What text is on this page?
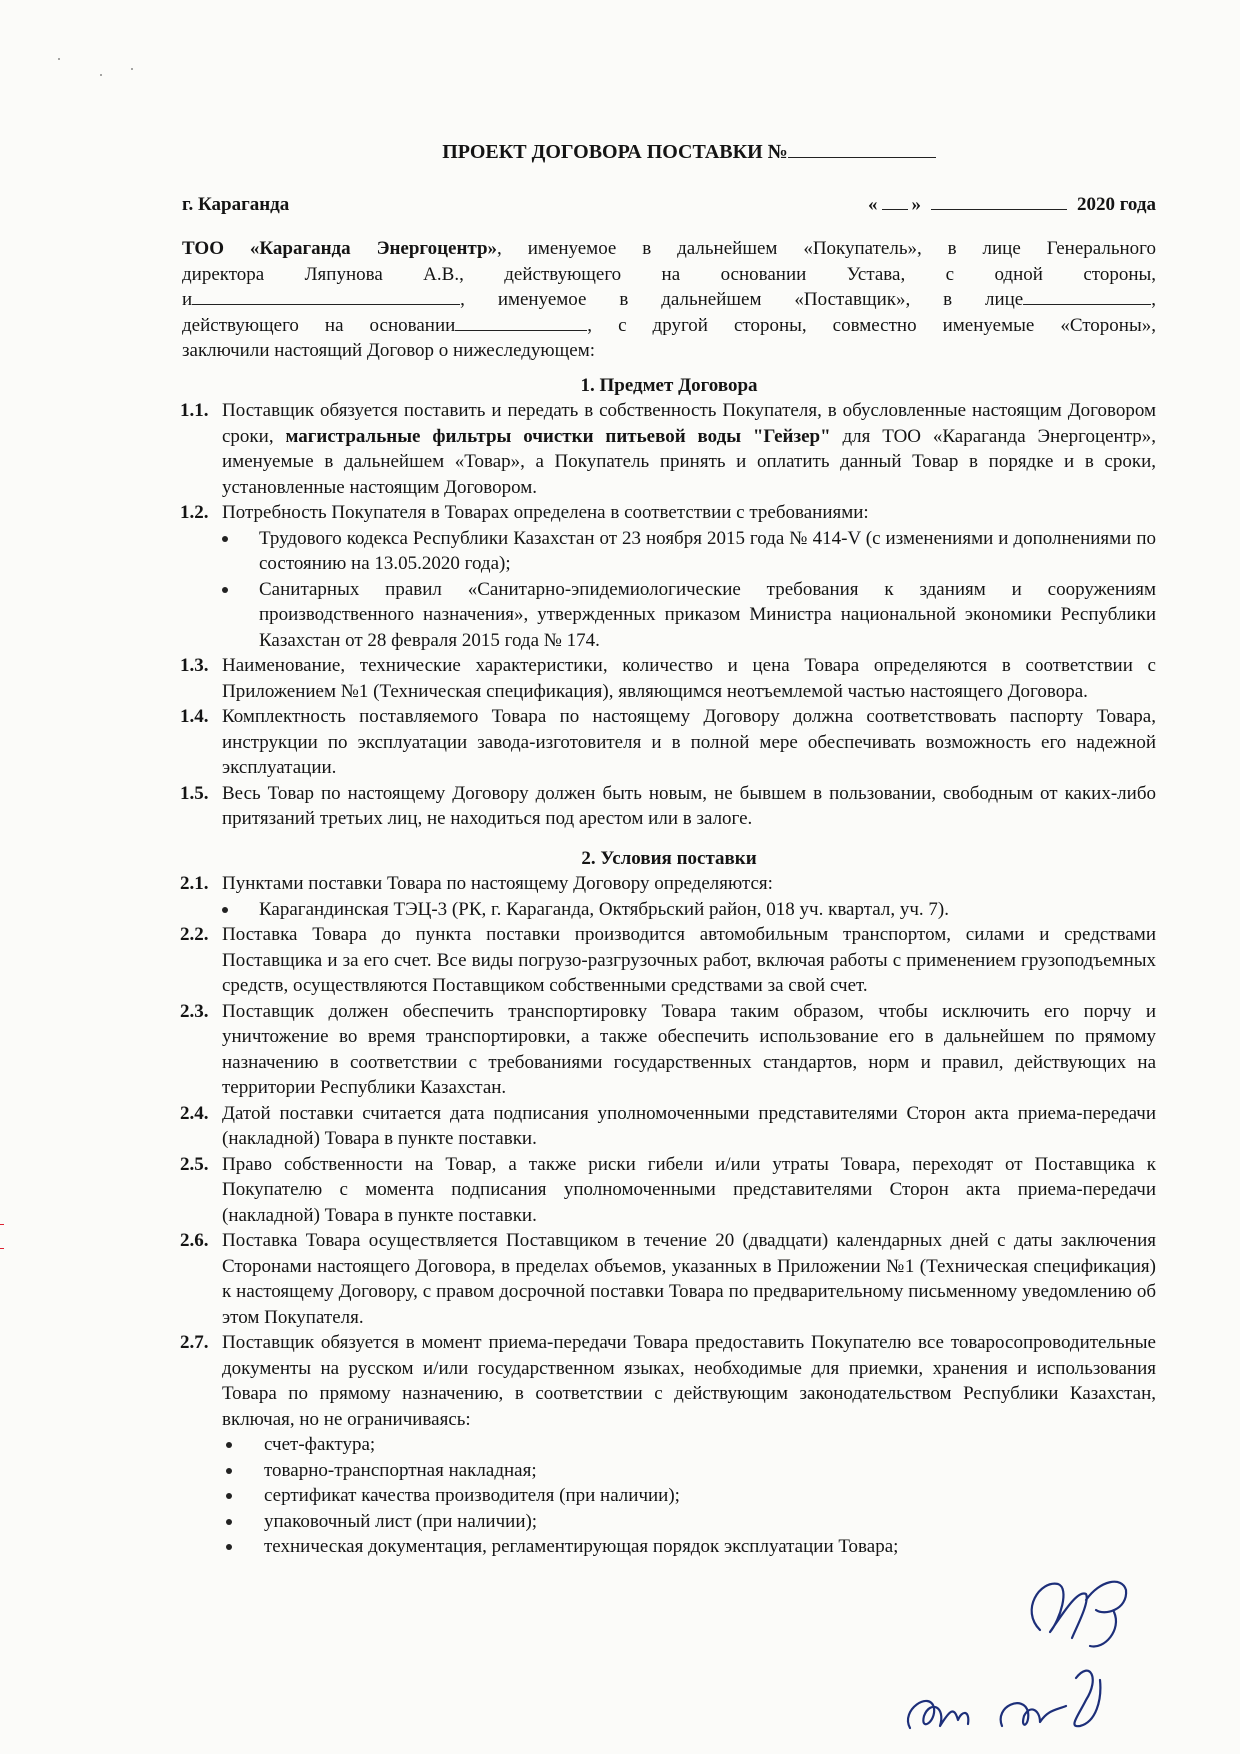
ПРОЕКТ ДОГОВОРА ПОСТАВКИ №
г. Караганда	« »	2020 года
ТОО «Караганда Энергоцентр», именуемое в дальнейшем «Покупатель», в лице Генерального
директора Ляпунова А.В., действующего на основании Устава, с одной стороны,
и	, именуемое в дальнейшем «Поставщик», в лице	,
действующего на основании	, с другой стороны, совместно именуемые «Стороны»,
заключили настоящий Договор о нижеследующем:
1. Предмет Договора
1.1. Поставщик обязуется поставить и передать в собственность Покупателя, в обусловленные настоящим Договором сроки, магистральные фильтры очистки питьевой воды "Гейзер" для ТОО «Караганда Энергоцентр», именуемые в дальнейшем «Товар», а Покупатель принять и оплатить данный Товар в порядке и в сроки, установленные настоящим Договором.
1.2. Потребность Покупателя в Товарах определена в соответствии с требованиями:
Трудового кодекса Республики Казахстан от 23 ноября 2015 года № 414-V (с изменениями и дополнениями по состоянию на 13.05.2020 года);
Санитарных правил «Санитарно-эпидемиологические требования к зданиям и сооружениям производственного назначения», утвержденных приказом Министра национальной экономики Республики Казахстан от 28 февраля 2015 года № 174.
1.3. Наименование, технические характеристики, количество и цена Товара определяются в соответствии с Приложением №1 (Техническая спецификация), являющимся неотъемлемой частью настоящего Договора.
1.4. Комплектность поставляемого Товара по настоящему Договору должна соответствовать паспорту Товара, инструкции по эксплуатации завода-изготовителя и в полной мере обеспечивать возможность его надежной эксплуатации.
1.5. Весь Товар по настоящему Договору должен быть новым, не бывшем в пользовании, свободным от каких-либо притязаний третьих лиц, не находиться под арестом или в залоге.
2. Условия поставки
2.1. Пунктами поставки Товара по настоящему Договору определяются:
Карагандинская ТЭЦ-3 (РК, г. Караганда, Октябрьский район, 018 уч. квартал, уч. 7).
2.2. Поставка Товара до пункта поставки производится автомобильным транспортом, силами и средствами Поставщика и за его счет. Все виды погрузо-разгрузочных работ, включая работы с применением грузоподъемных средств, осуществляются Поставщиком собственными средствами за свой счет.
2.3. Поставщик должен обеспечить транспортировку Товара таким образом, чтобы исключить его порчу и уничтожение во время транспортировки, а также обеспечить использование его в дальнейшем по прямому назначению в соответствии с требованиями государственных стандартов, норм и правил, действующих на территории Республики Казахстан.
2.4. Датой поставки считается дата подписания уполномоченными представителями Сторон акта приема-передачи (накладной) Товара в пункте поставки.
2.5. Право собственности на Товар, а также риски гибели и/или утраты Товара, переходят от Поставщика к Покупателю с момента подписания уполномоченными представителями Сторон акта приема-передачи (накладной) Товара в пункте поставки.
2.6. Поставка Товара осуществляется Поставщиком в течение 20 (двадцати) календарных дней с даты заключения Сторонами настоящего Договора, в пределах объемов, указанных в Приложении №1 (Техническая спецификация) к настоящему Договору, с правом досрочной поставки Товара по предварительному письменному уведомлению об этом Покупателя.
2.7. Поставщик обязуется в момент приема-передачи Товара предоставить Покупателю все товаросопроводительные документы на русском и/или государственном языках, необходимые для приемки, хранения и использования Товара по прямому назначению, в соответствии с действующим законодательством Республики Казахстан, включая, но не ограничиваясь:
счет-фактура;
товарно-транспортная накладная;
сертификат качества производителя (при наличии);
упаковочный лист (при наличии);
техническая документация, регламентирующая порядок эксплуатации Товара;
